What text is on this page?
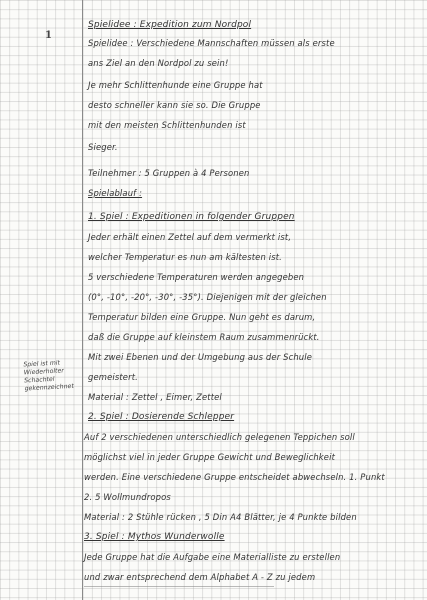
1
Spielidee : Expedition zum Nordpol
Spielidee : Verschiedene Mannschaften müssen als erste
ans Ziel an den Nordpol zu sein!
Je mehr Schlittenhunde eine Gruppe hat
desto schneller kann sie so. Die Gruppe
mit den meisten Schlittenhunden ist
Sieger.
Teilnehmer : 5 Gruppen à 4 Personen
Spielablauf :
1. Spiel : Expeditionen in folgender Gruppen
Jeder erhält einen Zettel auf dem vermerkt ist,
welcher Temperatur es nun am kältesten ist.
5 verschiedene Temperaturen werden angegeben
(0°, -10°, -20°, -30°, -35°). Diejenigen mit der gleichen
Temperatur bilden eine Gruppe. Nun geht es darum,
daß die Gruppe auf kleinstem Raum zusammenrückt.
Mit zwei Ebenen und der Umgebung aus der Schule
gemeistert.
Material : Zettel , Eimer, Zettel
2. Spiel : Dosierende Schlepper
Auf 2 verschiedenen unterschiedlich gelegenen Teppichen soll
möglichst viel in jeder Gruppe Gewicht und Beweglichkeit
werden. Eine verschiedene Gruppe entscheidet abwechseln. 1. Punkt
2. 5 Wollmundropos
Material : 2 Stühle rücken , 5 Din A4 Blätter, je 4 Punkte bilden
3. Spiel : Mythos Wunderwolle
Jede Gruppe hat die Aufgabe eine Materialliste zu erstellen
und zwar entsprechend dem Alphabet A - Z zu jedem
Spiel ist mit
Wiederholter
Schachtel
gekennzeichnet
